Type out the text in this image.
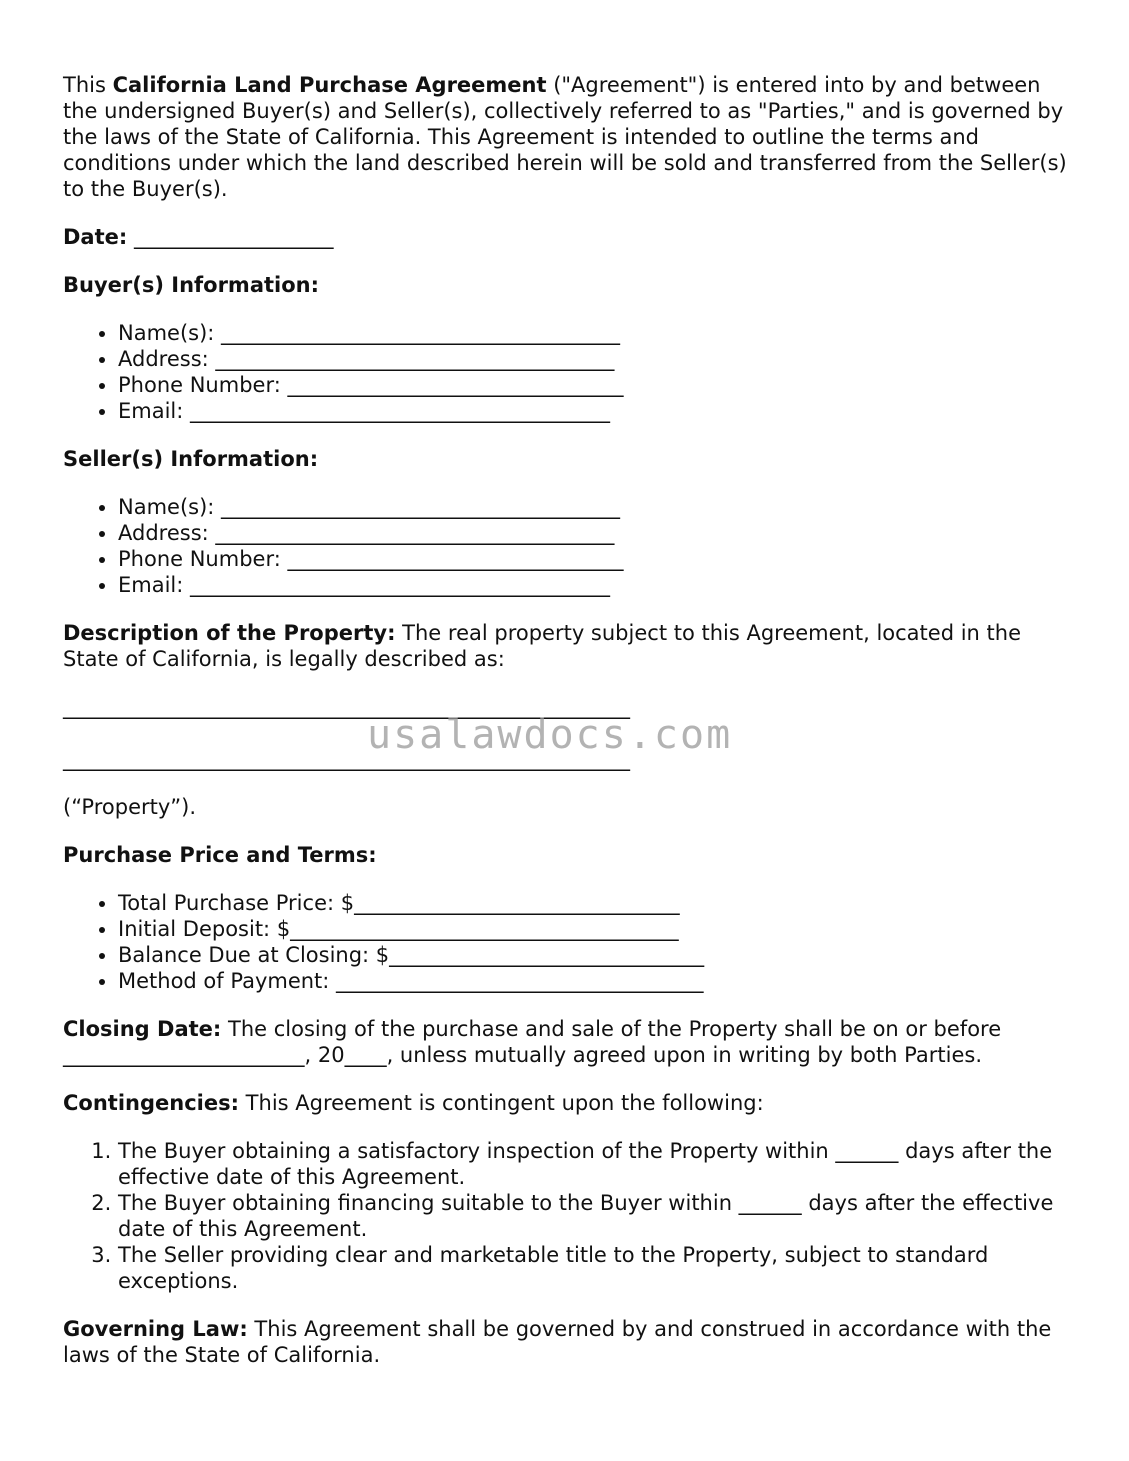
This California Land Purchase Agreement ("Agreement") is entered into by and between the undersigned Buyer(s) and Seller(s), collectively referred to as "Parties," and is governed by the laws of the State of California. This Agreement is intended to outline the terms and conditions under which the land described herein will be sold and transferred from the Seller(s) to the Buyer(s).

Date: ___________________

Buyer(s) Information:

• Name(s): ______________________________________
• Address: ______________________________________
• Phone Number: ________________________________
• Email: ________________________________________

Seller(s) Information:

• Name(s): ______________________________________
• Address: ______________________________________
• Phone Number: ________________________________
• Email: ________________________________________

Description of the Property: The real property subject to this Agreement, located in the State of California, is legally described as:

______________________________________________________

______________________________________________________

(“Property”).

Purchase Price and Terms:

• Total Purchase Price: $_______________________________
• Initial Deposit: $_____________________________________
• Balance Due at Closing: $______________________________
• Method of Payment: ___________________________________

Closing Date: The closing of the purchase and sale of the Property shall be on or before _______________________, 20____, unless mutually agreed upon in writing by both Parties.

Contingencies: This Agreement is contingent upon the following:

1. The Buyer obtaining a satisfactory inspection of the Property within ______ days after the effective date of this Agreement.
2. The Buyer obtaining financing suitable to the Buyer within ______ days after the effective date of this Agreement.
3. The Seller providing clear and marketable title to the Property, subject to standard exceptions.

Governing Law: This Agreement shall be governed by and construed in accordance with the laws of the State of California.

usalawdocs.com
